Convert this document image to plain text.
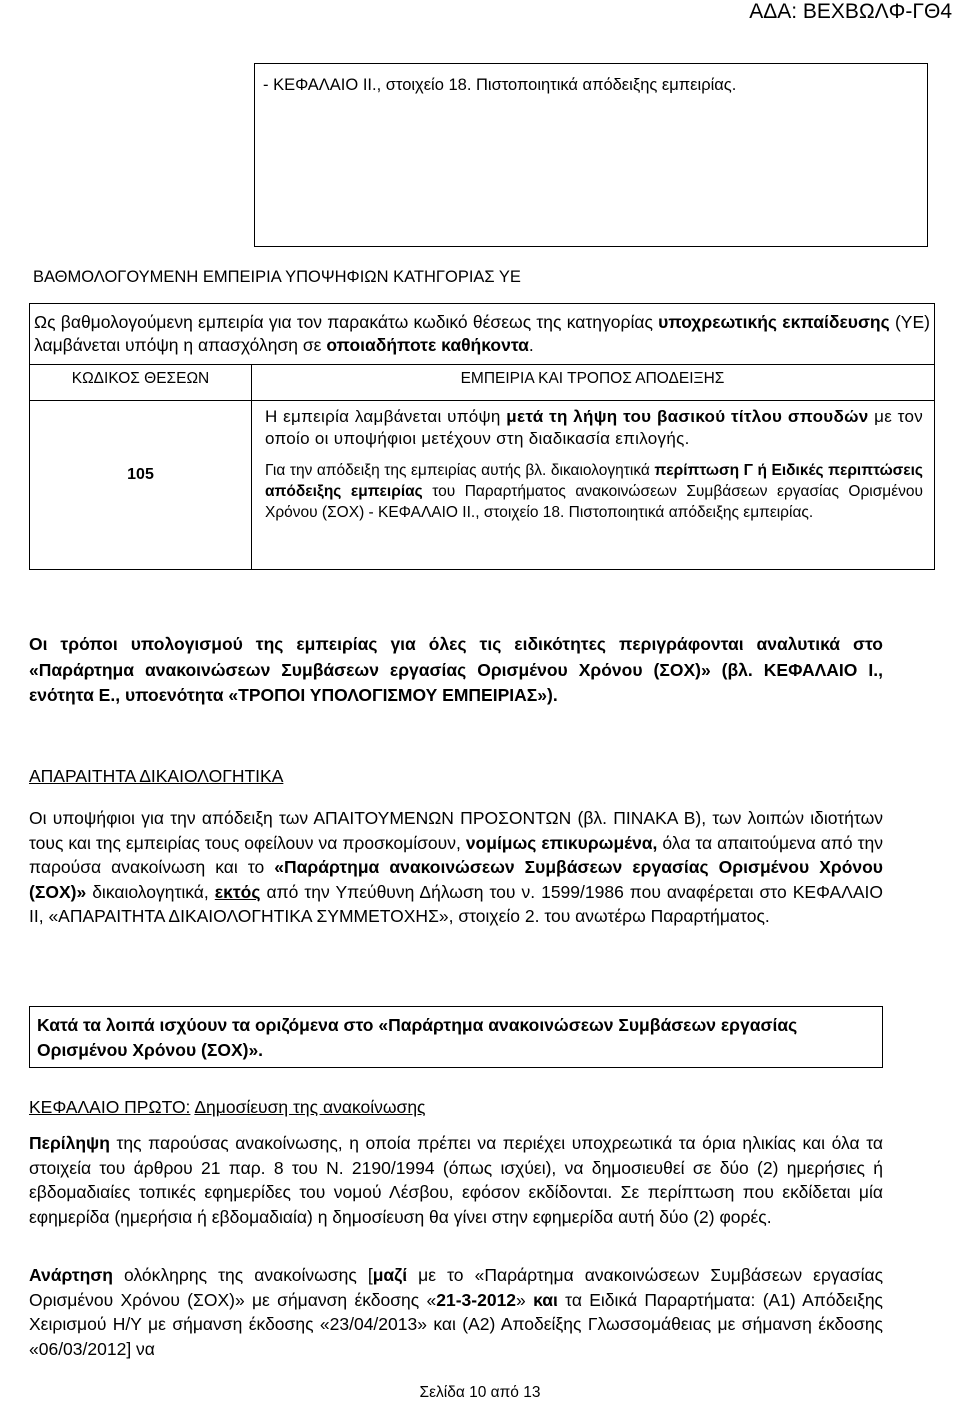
ΑΔΑ: ΒΕΧΒΩΛΦ-ΓΘ4
- ΚΕΦΑΛΑΙΟ ΙΙ., στοιχείο 18. Πιστοποιητικά απόδειξης εμπειρίας.
ΒΑΘΜΟΛΟΓΟΥΜΕΝΗ ΕΜΠΕΙΡΙΑ ΥΠΟΨΗΦΙΩΝ ΚΑΤΗΓΟΡΙΑΣ ΥΕ
Ως βαθμολογούμενη εμπειρία για τον παρακάτω κωδικό θέσεως της κατηγορίας υποχρεωτικής εκπαίδευσης (ΥΕ) λαμβάνεται υπόψη η απασχόληση σε οποιαδήποτε καθήκοντα.
ΚΩΔΙΚΟΣ ΘΕΣΕΩΝ	ΕΜΠΕΙΡΙΑ ΚΑΙ ΤΡΟΠΟΣ ΑΠΟΔΕΙΞΗΣ
105

Η εμπειρία λαμβάνεται υπόψη μετά τη λήψη του βασικού τίτλου σπουδών με τον οποίο οι υποψήφιοι μετέχουν στη διαδικασία επιλογής.

Για την απόδειξη της εμπειρίας αυτής βλ. δικαιολογητικά περίπτωση Γ ή Ειδικές περιπτώσεις απόδειξης εμπειρίας του Παραρτήματος ανακοινώσεων Συμβάσεων εργασίας Ορισμένου Χρόνου (ΣΟΧ) - ΚΕΦΑΛΑΙΟ ΙΙ., στοιχείο 18. Πιστοποιητικά απόδειξης εμπειρίας.

Οι τρόποι υπολογισμού της εμπειρίας για όλες τις ειδικότητες περιγράφονται αναλυτικά στο «Παράρτημα ανακοινώσεων Συμβάσεων εργασίας Ορισμένου Χρόνου (ΣΟΧ)» (βλ. ΚΕΦΑΛΑΙΟ Ι., ενότητα Ε., υποενότητα «ΤΡΟΠΟΙ ΥΠΟΛΟΓΙΣΜΟΥ ΕΜΠΕΙΡΙΑΣ»).
ΑΠΑΡΑΙΤΗΤΑ ΔΙΚΑΙΟΛΟΓΗΤΙΚΑ
Οι υποψήφιοι για την απόδειξη των ΑΠΑΙΤΟΥΜΕΝΩΝ ΠΡΟΣΟΝΤΩΝ (βλ. ΠΙΝΑΚΑ Β), των λοιπών ιδιοτήτων τους και της εμπειρίας τους οφείλουν να προσκομίσουν, νομίμως επικυρωμένα, όλα τα απαιτούμενα από την παρούσα ανακοίνωση και το «Παράρτημα ανακοινώσεων Συμβάσεων εργασίας Ορισμένου Χρόνου (ΣΟΧ)» δικαιολογητικά, εκτός από την Υπεύθυνη Δήλωση του ν. 1599/1986 που αναφέρεται στο ΚΕΦΑΛΑΙΟ ΙΙ, «ΑΠΑΡΑΙΤΗΤΑ ΔΙΚΑΙΟΛΟΓΗΤΙΚΑ ΣΥΜΜΕΤΟΧΗΣ», στοιχείο 2. του ανωτέρω Παραρτήματος.
Κατά τα λοιπά ισχύουν τα οριζόμενα στο «Παράρτημα ανακοινώσεων Συμβάσεων εργασίας Ορισμένου Χρόνου (ΣΟΧ)».
ΚΕΦΑΛΑΙΟ ΠΡΩΤΟ: Δημοσίευση της ανακοίνωσης
Περίληψη της παρούσας ανακοίνωσης, η οποία πρέπει να περιέχει υποχρεωτικά τα όρια ηλικίας και όλα τα στοιχεία του άρθρου 21 παρ. 8 του Ν. 2190/1994 (όπως ισχύει), να δημοσιευθεί σε δύο (2) ημερήσιες ή εβδομαδιαίες τοπικές εφημερίδες του νομού Λέσβου, εφόσον εκδίδονται. Σε περίπτωση που εκδίδεται μία εφημερίδα (ημερήσια ή εβδομαδιαία) η δημοσίευση θα γίνει στην εφημερίδα αυτή δύο (2) φορές.
Ανάρτηση ολόκληρης της ανακοίνωσης [μαζί με το «Παράρτημα ανακοινώσεων Συμβάσεων εργασίας Ορισμένου Χρόνου (ΣΟΧ)» με σήμανση έκδοσης «21-3-2012» και τα Ειδικά Παραρτήματα: (Α1) Απόδειξης Χειρισμού Η/Υ με σήμανση έκδοσης «23/04/2013» και (Α2) Αποδείξης Γλωσσομάθειας με σήμανση έκδοσης «06/03/2012] να
Σελίδα 10 από 13
